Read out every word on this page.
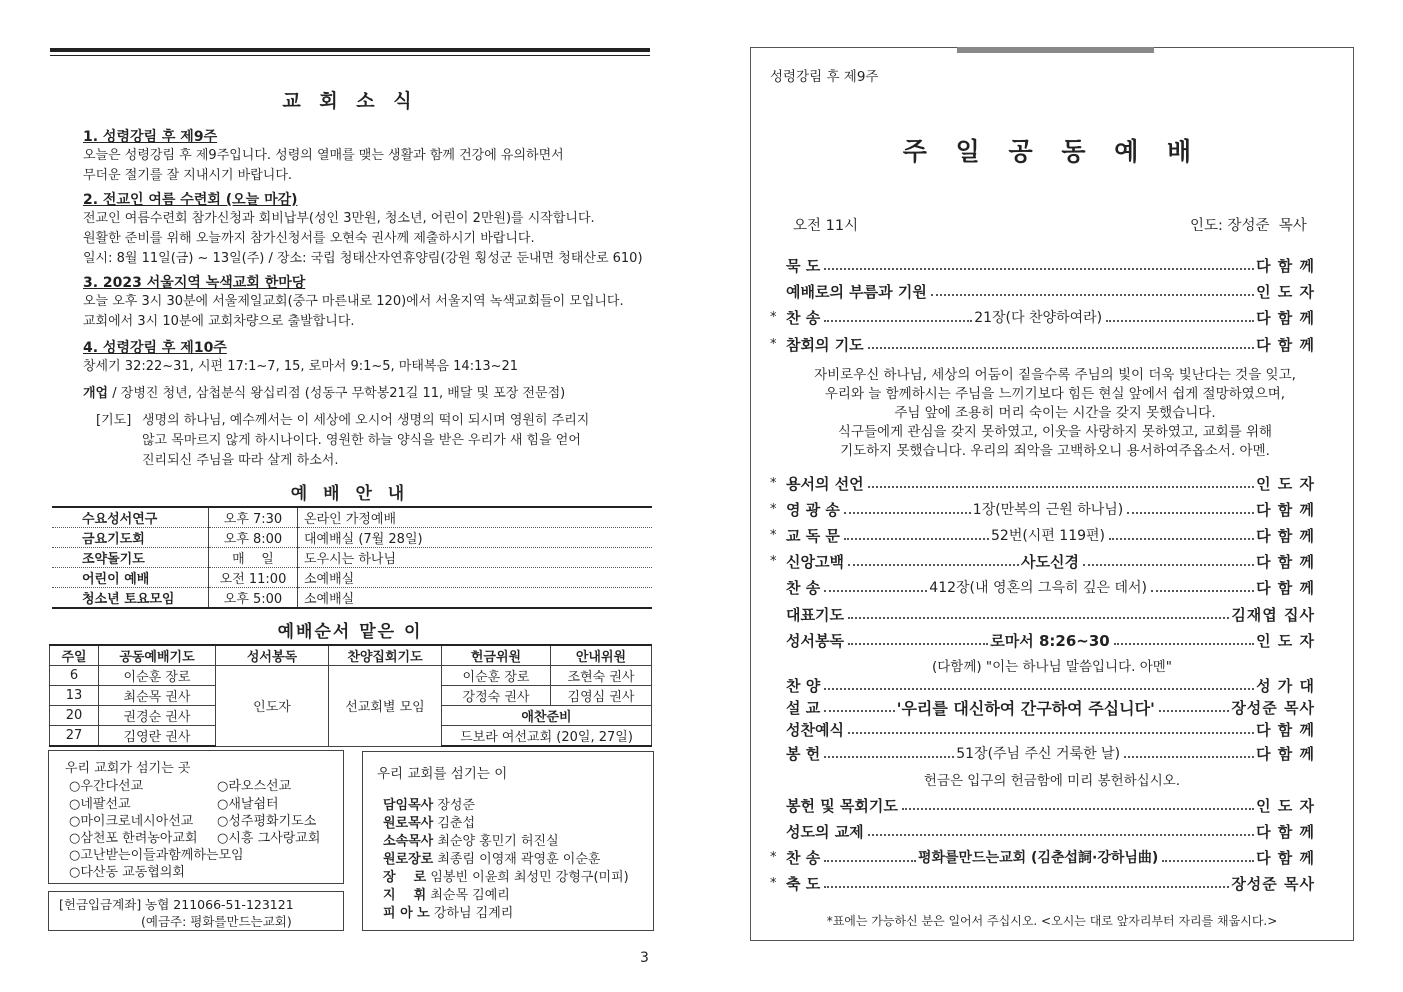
교 회 소 식
1. 성령강림 후 제9주
오늘은 성령강림 후 제9주입니다. 성령의 열매를 맺는 생활과 함께 건강에 유의하면서
무더운 절기를 잘 지내시기 바랍니다.
2. 전교인 여름 수련회 (오늘 마감)
전교인 여름수련회 참가신청과 회비납부(성인 3만원, 청소년, 어린이 2만원)를 시작합니다.
원활한 준비를 위해 오늘까지 참가신청서를 오현숙 권사께 제출하시기 바랍니다.
일시: 8월 11일(금) ~ 13일(주) / 장소: 국립 청태산자연휴양림(강원 횡성군 둔내면 청태산로 610)
3. 2023 서울지역 녹색교회 한마당
오늘 오후 3시 30분에 서울제일교회(중구 마른내로 120)에서 서울지역 녹색교회들이 모입니다.
교회에서 3시 10분에 교회차량으로 출발합니다.
4. 성령강림 후 제10주
창세기 32:22~31, 시편 17:1~7, 15, 로마서 9:1~5, 마태복음 14:13~21
개업 / 장병진 청년, 삼첩분식 왕십리점 (성동구 무학봉21길 11, 배달 및 포장 전문점)
[기도] 생명의 하나님, 예수께서는 이 세상에 오시어 생명의 떡이 되시며 영원히 주리지
않고 목마르지 않게 하시나이다. 영원한 하늘 양식을 받은 우리가 새 힘을 얻어
진리되신 주님을 따라 살게 하소서.
예 배 안 내
수요성서연구	오후 7:30	온라인 가정예배
금요기도회	오후 8:00	대예배실 (7월 28일)
조약돌기도	매    일	도우시는 하나님
어린이 예배	오전 11:00	소예배실
청소년 토요모임	오후 5:00	소예배실
예배순서 맡은 이
주일	공동예배기도	성서봉독	찬양집회기도	헌금위원	안내위원
6	이순훈 장로	인도자	선교회별 모임	이순훈 장로	조현숙 권사
13	최순목 권사			강정숙 권사	김영심 권사
20	권경순 권사			애찬준비	
27	김영란 권사			드보라 여선교회 (20일, 27일)	
우리 교회가 섬기는 곳
○우간다선교	○라오스선교
○네팔선교	○새날쉼터
○마이크로네시아선교 ○성주평화기도소
○삼천포 한려농아교회 ○시흥 그사랑교회
○고난받는이들과함께하는모임
○다산동 교동협의회
[헌금입금계좌] 농협 211066-51-123121
(예금주: 평화를만드는교회)
우리 교회를 섬기는 이
담임목사 장성준
원로목사 김춘섭
소속목사 최순양 홍민기 허진실
원로장로 최종림 이영재 곽영훈 이순훈
장    로 임봉빈 이윤희 최성민 강형구(미피)
지    휘 최순목 김예리
피 아 노 강하님 김계리
3
성령강림 후 제9주
주 일 공 동 예 배
오전 11시	인도: 장성준  목사
묵 도	다 함 께
예배로의 부름과 기원	인 도 자
* 찬 송	21장(다 찬양하여라)	다 함 께
* 참회의 기도	다 함 께
자비로우신 하나님, 세상의 어둠이 짙을수록 주님의 빛이 더욱 빛난다는 것을 잊고,
우리와 늘 함께하시는 주님을 느끼기보다 힘든 현실 앞에서 쉽게 절망하였으며,
주님 앞에 조용히 머리 숙이는 시간을 갖지 못했습니다.
식구들에게 관심을 갖지 못하였고, 이웃을 사랑하지 못하였고, 교회를 위해
기도하지 못했습니다. 우리의 죄악을 고백하오니 용서하여주옵소서. 아멘.
* 용서의 선언	인 도 자
* 영 광 송	1장(만복의 근원 하나님)	다 함 께
* 교 독 문	52번(시편 119편)	다 함 께
* 신앙고백	사도신경	다 함 께
찬 송	412장(내 영혼의 그윽히 깊은 데서)	다 함 께
대표기도	김재엽 집사
성서봉독	로마서 8:26~30	인 도 자
(다함께) "이는 하나님 말씀입니다. 아멘"
찬 양	성 가 대
설 교	'우리를 대신하여 간구하여 주십니다'	장성준 목사
성찬예식	다 함 께
봉 헌	51장(주님 주신 거룩한 날)	다 함 께
헌금은 입구의 헌금함에 미리 봉헌하십시오.
봉헌 및 목회기도	인 도 자
성도의 교제	다 함 께
* 찬 송	평화를만드는교회 (김춘섭詞·강하님曲)	다 함 께
* 축 도	장성준 목사
*표에는 가능하신 분은 일어서 주십시오. <오시는 대로 앞자리부터 자리를 채웁시다.>
